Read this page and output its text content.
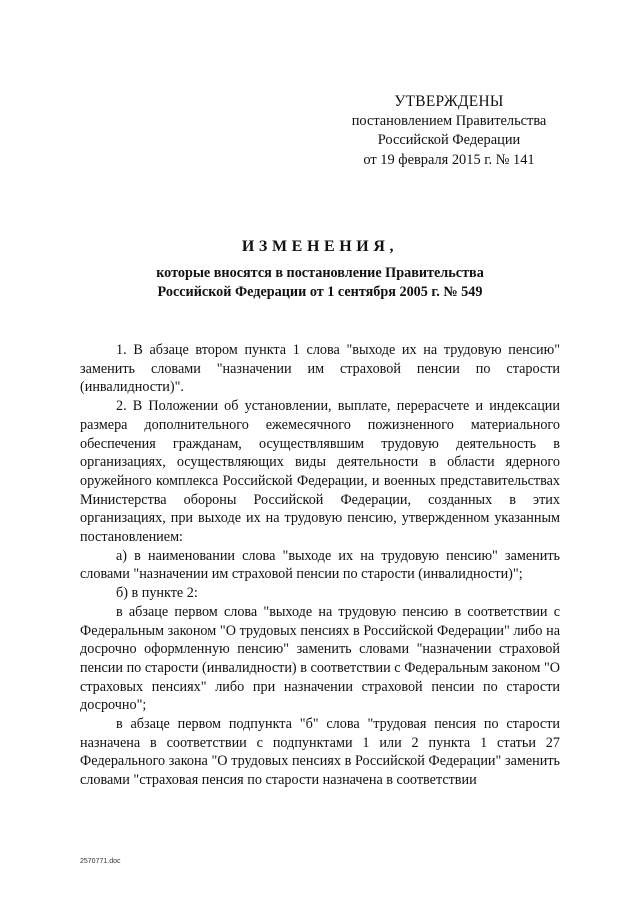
УТВЕРЖДЕНЫ
постановлением Правительства
Российской Федерации
от 19 февраля 2015 г. № 141
ИЗМЕНЕНИЯ,
которые вносятся в постановление Правительства
Российской Федерации от 1 сентября 2005 г. № 549

1. В абзаце втором пункта 1 слова "выходе их на трудовую пенсию" заменить словами "назначении им страховой пенсии по старости (инвалидности)".

2. В Положении об установлении, выплате, перерасчете и индексации размера дополнительного ежемесячного пожизненного материального обеспечения гражданам, осуществлявшим трудовую деятельность в организациях, осуществляющих виды деятельности в области ядерного оружейного комплекса Российской Федерации, и военных представительствах Министерства обороны Российской Федерации, созданных в этих организациях, при выходе их на трудовую пенсию, утвержденном указанным постановлением:

а) в наименовании слова "выходе их на трудовую пенсию" заменить словами "назначении им страховой пенсии по старости (инвалидности)";

б) в пункте 2:

в абзаце первом слова "выходе на трудовую пенсию в соответствии с Федеральным законом "О трудовых пенсиях в Российской Федерации" либо на досрочно оформленную пенсию" заменить словами "назначении страховой пенсии по старости (инвалидности) в соответствии с Федеральным законом "О страховых пенсиях" либо при назначении страховой пенсии по старости досрочно";

в абзаце первом подпункта "б" слова "трудовая пенсия по старости назначена в соответствии с подпунктами 1 или 2 пункта 1 статьи 27 Федерального закона "О трудовых пенсиях в Российской Федерации" заменить словами "страховая пенсия по старости назначена в соответствии

2570771.doc
